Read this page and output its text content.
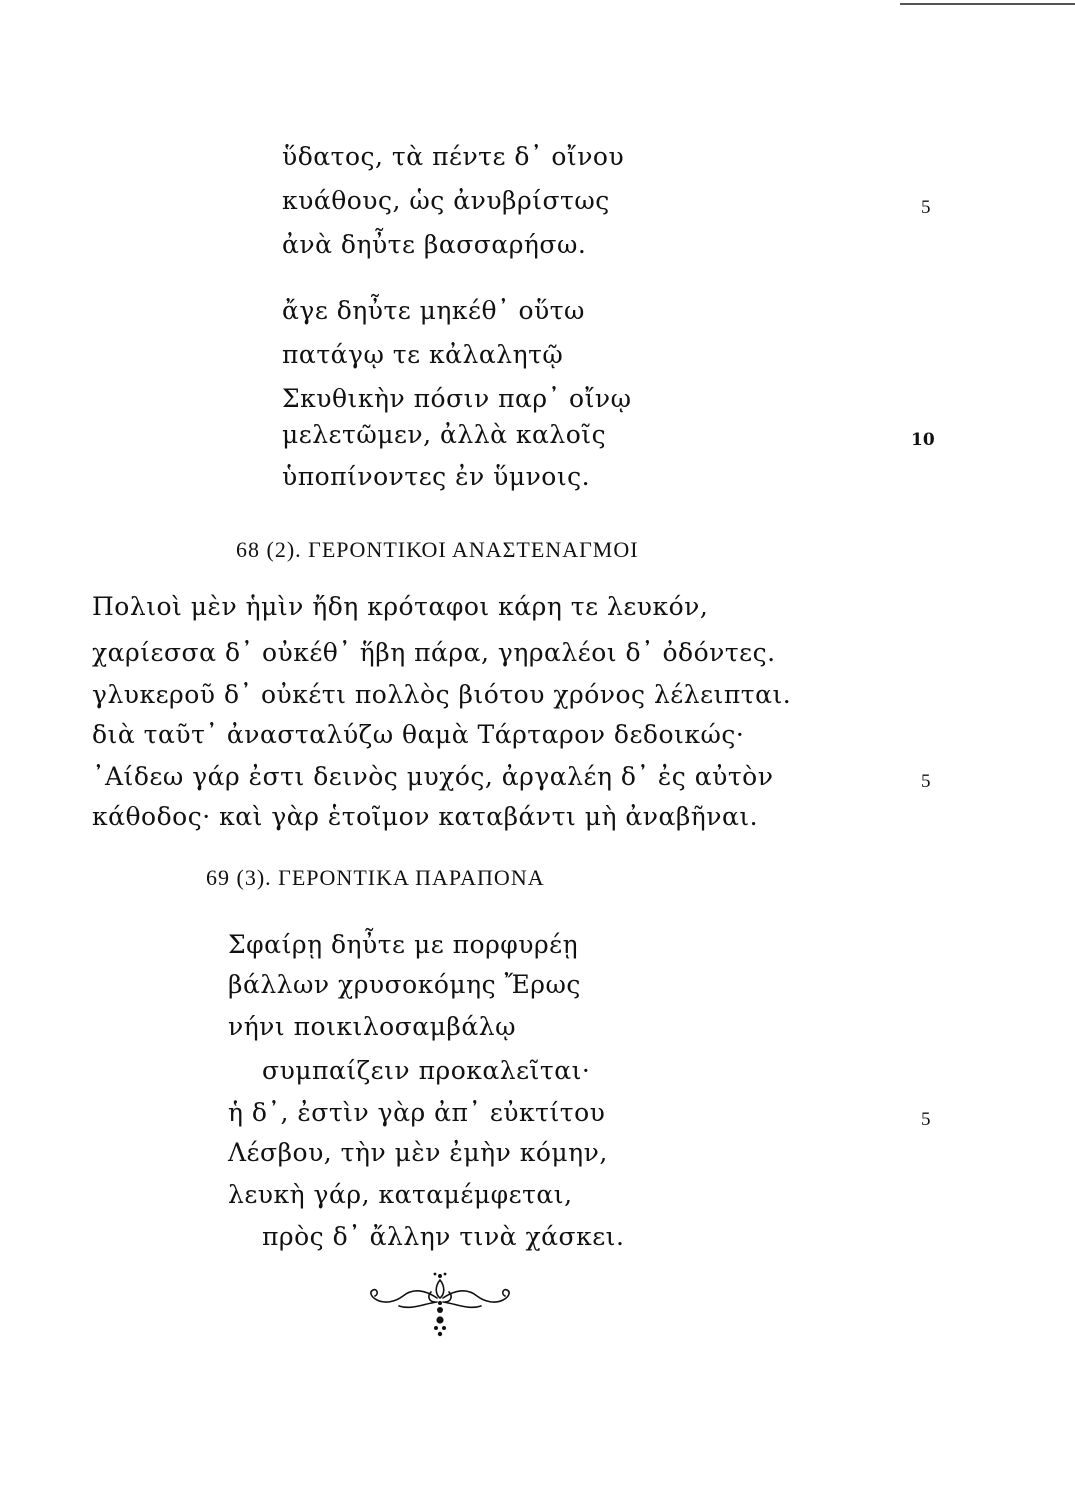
ὕδατος, τὰ πέντε δ᾽ οἴνου
κυάθους, ὡς ἀνυβρίστως
ἀνὰ δηὖτε βασσαρήσω.
5
ἄγε δηὖτε μηκέθ᾽ οὕτω
πατάγῳ τε κἀλαλητῷ
Σκυθικὴν πόσιν παρ᾽ οἴνῳ
μελετῶμεν, ἀλλὰ καλοῖς
ὑποπίνοντες ἐν ὕμνοις.
10
68 (2). ΓΕΡΟΝΤΙΚΟΙ ΑΝΑΣΤΕΝΑΓΜΟΙ
Πολιοὶ μὲν ἡμὶν ἤδη κρόταφοι κάρη τε λευκόν,
χαρίεσσα δ᾽ οὐκέθ᾽ ἥβη πάρα, γηραλέοι δ᾽ ὀδόντες.
γλυκεροῦ δ᾽ οὐκέτι πολλὸς βιότου χρόνος λέλειπται.
διὰ ταῦτ᾽ ἀνασταλύζω θαμὰ Τάρταρον δεδοικώς·
᾽Αίδεω γάρ ἐστι δεινὸς μυχός, ἀργαλέη δ᾽ ἐς αὐτὸν
κάθοδος· καὶ γὰρ ἑτοῖμον καταβάντι μὴ ἀναβῆναι.
5
69 (3). ΓΕΡΟΝΤΙΚΑ ΠΑΡΑΠΟΝΑ
Σφαίρῃ δηὖτε με πορφυρέῃ
βάλλων χρυσοκόμης Ἔρως
νήνι ποικιλοσαμβάλῳ
συμπαίζειν προκαλεῖται·
ἡ δ᾽, ἐστὶν γὰρ ἀπ᾽ εὐκτίτου
Λέσβου, τὴν μὲν ἐμὴν κόμην,
λευκὴ γάρ, καταμέμφεται,
πρὸς δ᾽ ἄλλην τινὰ χάσκει.
5
